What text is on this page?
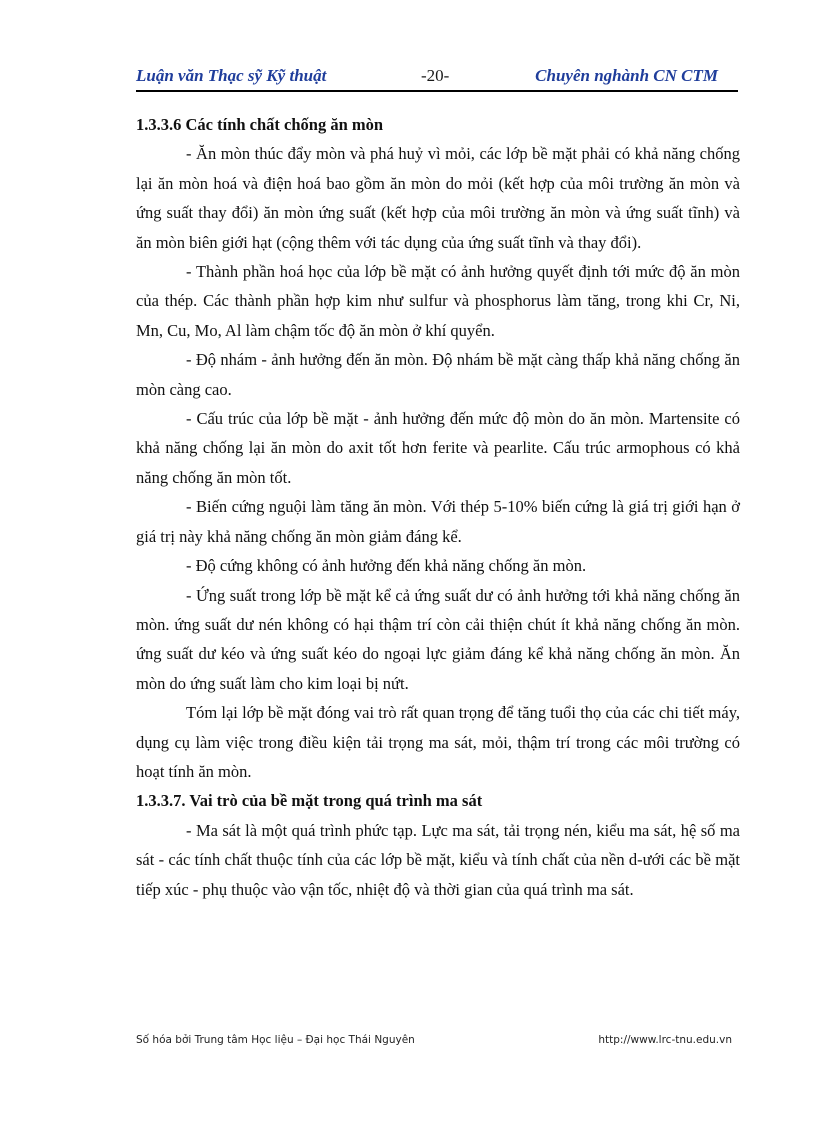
Luận văn Thạc sỹ Kỹ thuật	-20-	Chuyên nghành CN CTM

1.3.3.6 Các tính chất chống ăn mòn

- Ăn mòn thúc đẩy mòn và phá huỷ vì mỏi, các lớp bề mặt phải có khả năng chống lại ăn mòn hoá và điện hoá bao gồm ăn mòn do mỏi (kết hợp của môi trường ăn mòn và ứng suất thay đổi) ăn mòn ứng suất (kết hợp của môi trường ăn mòn và ứng suất tĩnh) và ăn mòn biên giới hạt (cộng thêm với tác dụng của ứng suất tĩnh và thay đổi).

- Thành phần hoá học của lớp bề mặt có ảnh hưởng quyết định tới mức độ ăn mòn của thép. Các thành phần hợp kim như sulfur và phosphorus làm tăng, trong khi Cr, Ni, Mn, Cu, Mo, Al làm chậm tốc độ ăn mòn ở khí quyển.

- Độ nhám - ảnh hưởng đến ăn mòn. Độ nhám bề mặt càng thấp khả năng chống ăn mòn càng cao.

- Cấu trúc của lớp bề mặt - ảnh hưởng đến mức độ mòn do ăn mòn. Martensite có khả năng chống lại ăn mòn do axit tốt hơn ferite và pearlite. Cấu trúc armophous có khả năng chống ăn mòn tốt.

- Biến cứng nguội làm tăng ăn mòn. Với thép 5-10% biến cứng là giá trị giới hạn ở giá trị này khả năng chống ăn mòn giảm đáng kể.

- Độ cứng không có ảnh hưởng đến khả năng chống ăn mòn.

- Ứng suất trong lớp bề mặt kể cả ứng suất dư có ảnh hưởng tới khả năng chống ăn mòn. ứng suất dư nén không có hại thậm trí còn cải thiện chút ít khả năng chống ăn mòn. ứng suất dư kéo và ứng suất kéo do ngoại lực giảm đáng kể khả năng chống ăn mòn. Ăn mòn do ứng suất làm cho kim loại bị nứt.

Tóm lại lớp bề mặt đóng vai trò rất quan trọng để tăng tuổi thọ của các chi tiết máy, dụng cụ làm việc trong điều kiện tải trọng ma sát, mỏi, thậm trí trong các môi trường có hoạt tính ăn mòn.

1.3.3.7. Vai trò của bề mặt trong quá trình ma sát

- Ma sát là một quá trình phức tạp. Lực ma sát, tải trọng nén, kiểu ma sát, hệ số ma sát - các tính chất thuộc tính của các lớp bề mặt, kiểu và tính chất của nền d-ưới các bề mặt tiếp xúc - phụ thuộc vào vận tốc, nhiệt độ và thời gian của quá trình ma sát.

Số hóa bởi Trung tâm Học liệu – Đại học Thái Nguyên	http://www.lrc-tnu.edu.vn
